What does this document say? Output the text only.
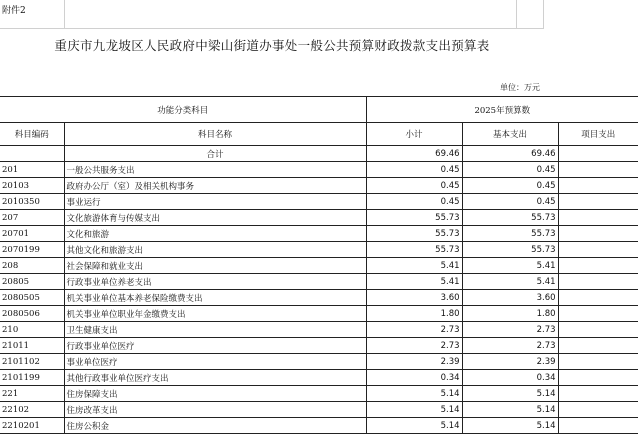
附件2
重庆市九龙坡区人民政府中梁山街道办事处一般公共预算财政拨款支出预算表
单位：万元
功能分类科目		2025年预算数		
科目编码	科目名称	小计	基本支出	项目支出
	合计	69.46	69.46	
201	一般公共服务支出	0.45	0.45	
20103	政府办公厅（室）及相关机构事务	0.45	0.45	
2010350	事业运行	0.45	0.45	
207	文化旅游体育与传媒支出	55.73	55.73	
20701	文化和旅游	55.73	55.73	
2070199	其他文化和旅游支出	55.73	55.73	
208	社会保障和就业支出	5.41	5.41	
20805	行政事业单位养老支出	5.41	5.41	
2080505	机关事业单位基本养老保险缴费支出	3.60	3.60	
2080506	机关事业单位职业年金缴费支出	1.80	1.80	
210	卫生健康支出	2.73	2.73	
21011	行政事业单位医疗	2.73	2.73	
2101102	事业单位医疗	2.39	2.39	
2101199	其他行政事业单位医疗支出	0.34	0.34	
221	住房保障支出	5.14	5.14	
22102	住房改革支出	5.14	5.14	
2210201	住房公积金	5.14	5.14	
